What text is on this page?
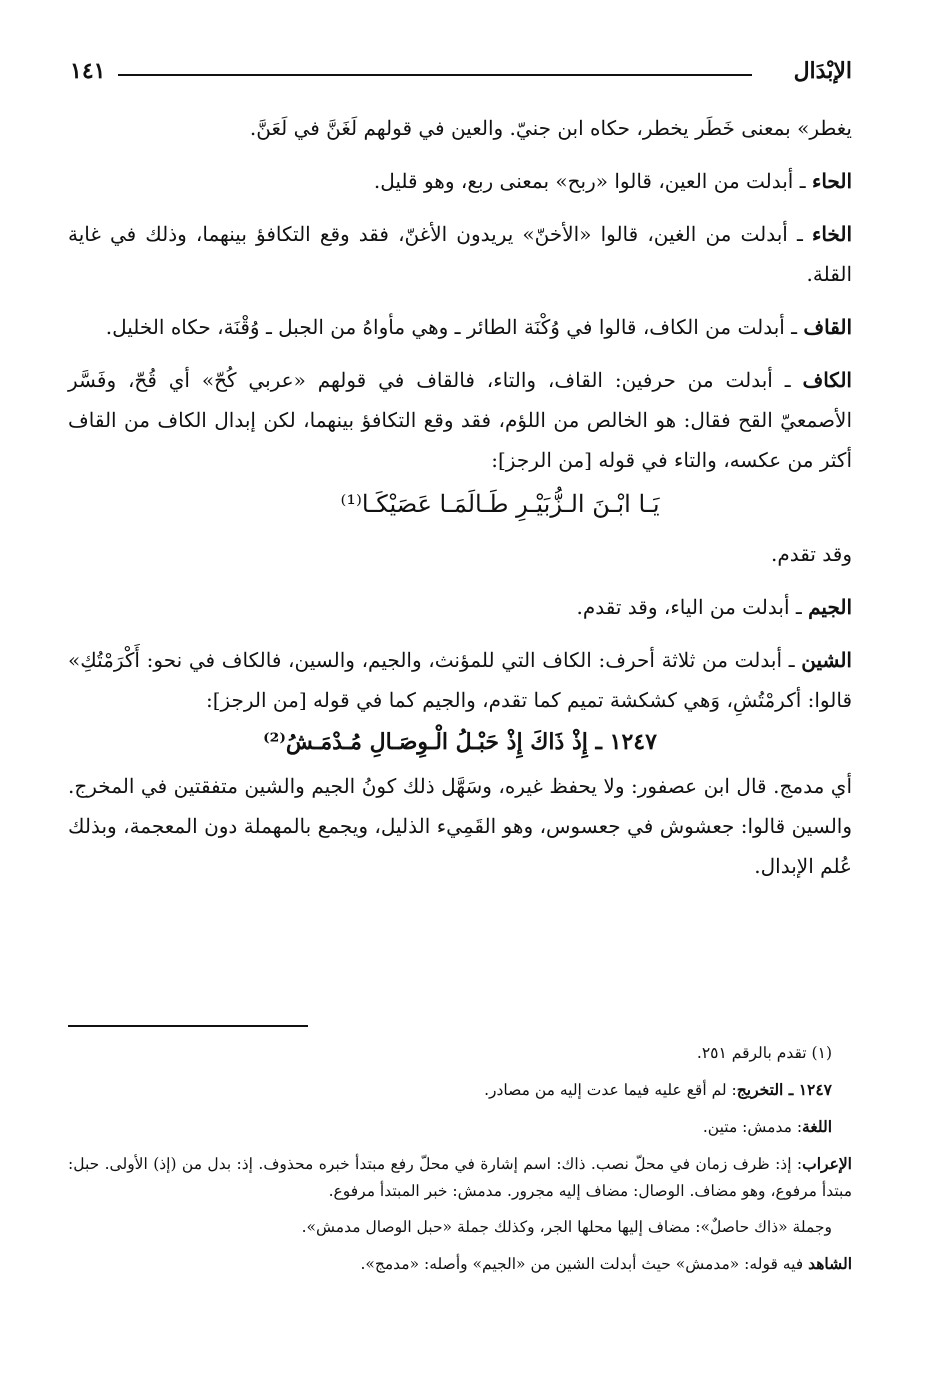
الإبْدَال
١٤١

يغطر» بمعنى خَطَر يخطر، حكاه ابن جنيّ. والعين في قولهم لَغَنَّ في لَعَنَّ.

الحاء ـ أبدلت من العين، قالوا «ربح» بمعنى ربع، وهو قليل.

الخاء ـ أبدلت من الغين، قالوا «الأخنّ» يريدون الأغنّ، فقد وقع التكافؤ بينهما، وذلك في غاية القلة.

القاف ـ أبدلت من الكاف، قالوا في وُكْنَة الطائر ـ وهي مأواهُ من الجبل ـ وُقْنَة، حكاه الخليل.

الكاف ـ أبدلت من حرفين: القاف، والتاء، فالقاف في قولهم «عربي كُحّ» أي قُحّ، وفَسَّر الأصمعيّ القح فقال: هو الخالص من اللؤم، فقد وقع التكافؤ بينهما، لكن إبدال الكاف من القاف أكثر من عكسه، والتاء في قوله [من الرجز]:

يَـا ابْـنَ الـزُّبَيْـرِ طَـالَمَـا عَصَيْكَـا⁽¹⁾

وقد تقدم.

الجيم ـ أبدلت من الياء، وقد تقدم.

الشين ـ أبدلت من ثلاثة أحرف: الكاف التي للمؤنث، والجيم، والسين، فالكاف في نحو: أَكْرَمْتُكِ» قالوا: أكرمْتُشِ، وَهي كشكشة تميم كما تقدم، والجيم كما في قوله [من الرجز]:

١٢٤٧ ـ إِذْ ذَاكَ إِذْ حَبْـلُ الْـوِصَـالِ مُـدْمَـشُ⁽²⁾

أي مدمج. قال ابن عصفور: ولا يحفظ غيره، وسَهَّل ذلك كونُ الجيم والشين متفقتين في المخرج. والسين قالوا: جعشوش في جعسوس، وهو القَمِيء الذليل، ويجمع بالمهملة دون المعجمة، وبذلك عُلم الإبدال.

(١) تقدم بالرقم ٢٥١.

١٢٤٧ ـ التخريج: لم أقع عليه فيما عدت إليه من مصادر.

اللغة: مدمش: متين.

الإعراب: إذ: ظرف زمان في محلّ نصب. ذاك: اسم إشارة في محلّ رفع مبتدأ خبره محذوف. إذ: بدل من (إذ) الأولى. حبل: مبتدأ مرفوع، وهو مضاف. الوصال: مضاف إليه مجرور. مدمش: خبر المبتدأ مرفوع.

وجملة «ذاك حاصلٌ»: مضاف إليها محلها الجر، وكذلك جملة «حبل الوصال مدمش».

الشاهد فيه قوله: «مدمش» حيث أبدلت الشين من «الجيم» وأصله: «مدمج».
